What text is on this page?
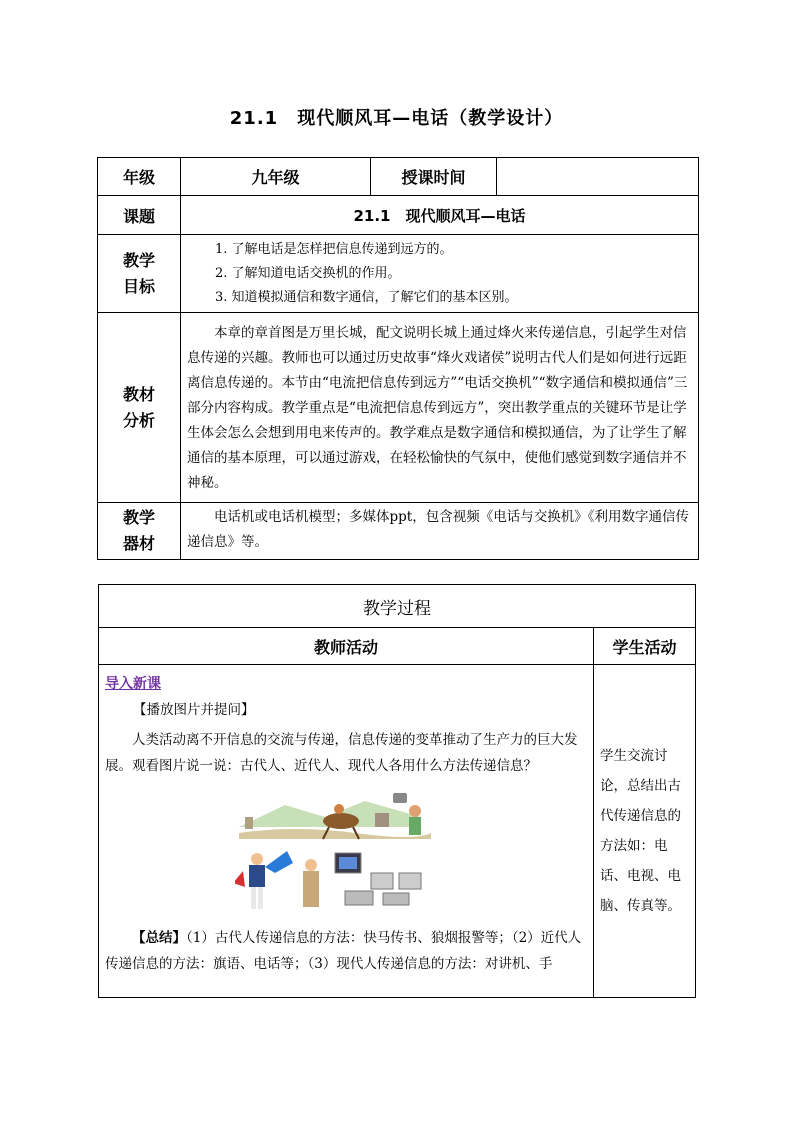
21.1　现代顺风耳—电话（教学设计）
年级	九年级	授课时间	
课题	21.1　现代顺风耳—电话		

教学目标	1. 了解电话是怎样把信息传递到远方的。
2. 了解知道电话交换机的作用。
3. 知道模拟通信和数字通信，了解它们的基本区别。		

教材分析	本章的章首图是万里长城，配文说明长城上通过烽火来传递信息，引起学生对信息传递的兴趣。教师也可以通过历史故事“烽火戏诸侯”说明古代人们是如何进行远距离信息传递的。本节由“电流把信息传到远方”“电话交换机”“数字通信和模拟通信”三部分内容构成。教学重点是“电流把信息传到远方”，突出教学重点的关键环节是让学生体会怎么会想到用电来传声的。教学难点是数字通信和模拟通信，为了让学生了解通信的基本原理，可以通过游戏，在轻松愉快的气氛中，使他们感觉到数字通信并不神秘。		

教学器材	电话机或电话机模型；多媒体ppt，包含视频《电话与交换机》《利用数字通信传递信息》等。		
教学过程	
教师活动	学生活动
导入新课
【播放图片并提问】
人类活动离不开信息的交流与传递，信息传递的变革推动了生产力的巨大发展。观看图片说一说：古代人、近代人、现代人各用什么方法传递信息？
【总结】（1）古代人传递信息的方法：快马传书、狼烟报警等；（2）近代人传递信息的方法：旗语、电话等；（3）现代人传递信息的方法：对讲机、手	学生交流讨论，总结出古代传递信息的方法如：电话、电视、电脑、传真等。
